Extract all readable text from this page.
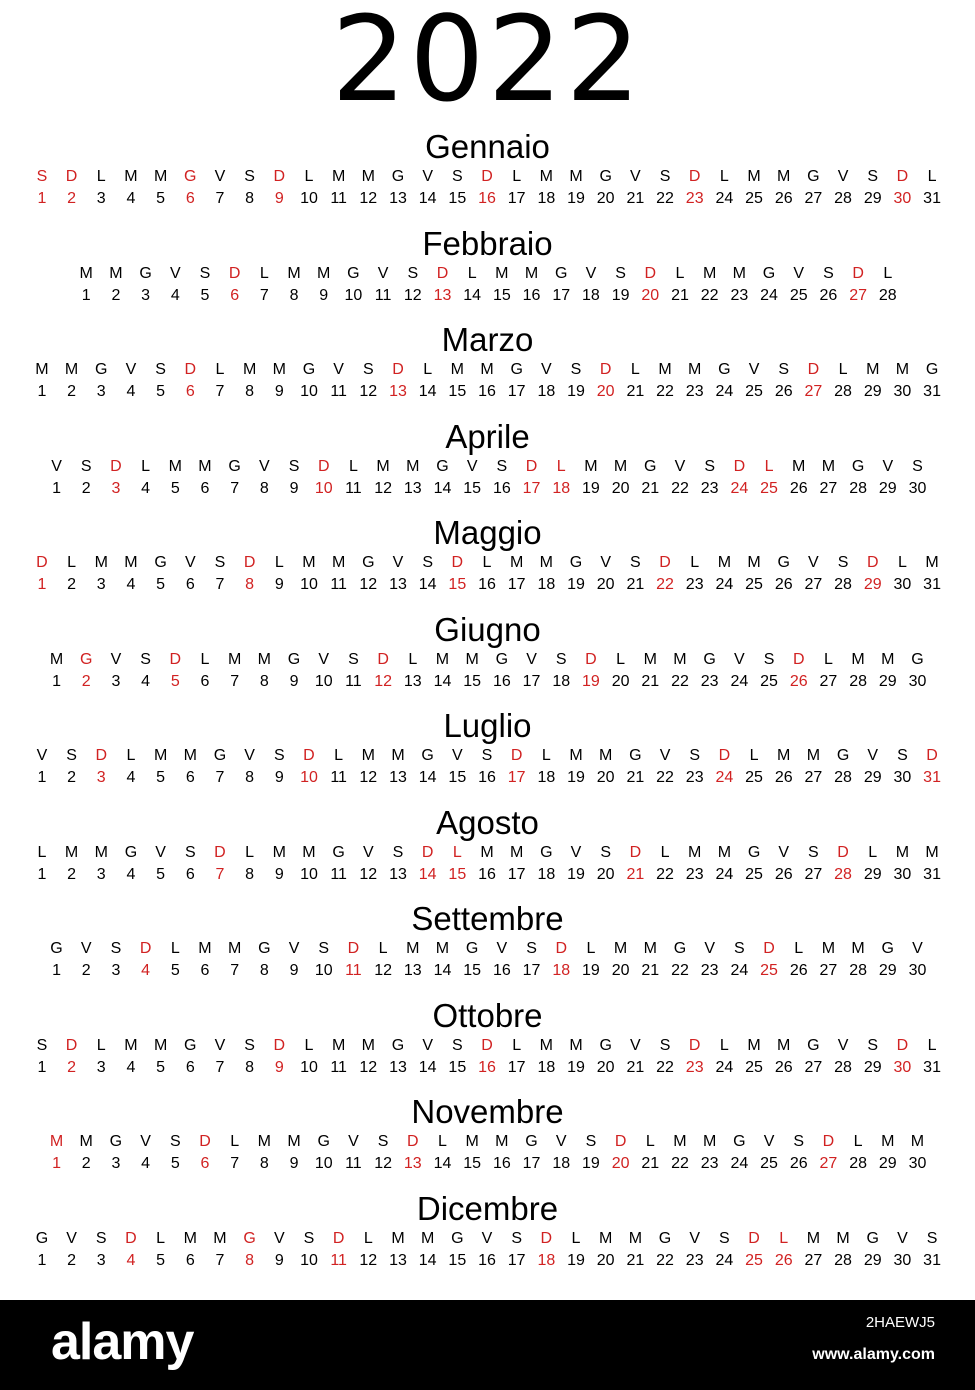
2022
Gennaio
S
1
D
2
L
3
M
4
M
5
G
6
V
7
S
8
D
9
L
10
M
11
M
12
G
13
V
14
S
15
D
16
L
17
M
18
M
19
G
20
V
21
S
22
D
23
L
24
M
25
M
26
G
27
V
28
S
29
D
30
L
31
Febbraio
M
1
M
2
G
3
V
4
S
5
D
6
L
7
M
8
M
9
G
10
V
11
S
12
D
13
L
14
M
15
M
16
G
17
V
18
S
19
D
20
L
21
M
22
M
23
G
24
V
25
S
26
D
27
L
28
Marzo
M
1
M
2
G
3
V
4
S
5
D
6
L
7
M
8
M
9
G
10
V
11
S
12
D
13
L
14
M
15
M
16
G
17
V
18
S
19
D
20
L
21
M
22
M
23
G
24
V
25
S
26
D
27
L
28
M
29
M
30
G
31
Aprile
V
1
S
2
D
3
L
4
M
5
M
6
G
7
V
8
S
9
D
10
L
11
M
12
M
13
G
14
V
15
S
16
D
17
L
18
M
19
M
20
G
21
V
22
S
23
D
24
L
25
M
26
M
27
G
28
V
29
S
30
Maggio
D
1
L
2
M
3
M
4
G
5
V
6
S
7
D
8
L
9
M
10
M
11
G
12
V
13
S
14
D
15
L
16
M
17
M
18
G
19
V
20
S
21
D
22
L
23
M
24
M
25
G
26
V
27
S
28
D
29
L
30
M
31
Giugno
M
1
G
2
V
3
S
4
D
5
L
6
M
7
M
8
G
9
V
10
S
11
D
12
L
13
M
14
M
15
G
16
V
17
S
18
D
19
L
20
M
21
M
22
G
23
V
24
S
25
D
26
L
27
M
28
M
29
G
30
Luglio
V
1
S
2
D
3
L
4
M
5
M
6
G
7
V
8
S
9
D
10
L
11
M
12
M
13
G
14
V
15
S
16
D
17
L
18
M
19
M
20
G
21
V
22
S
23
D
24
L
25
M
26
M
27
G
28
V
29
S
30
D
31
Agosto
L
1
M
2
M
3
G
4
V
5
S
6
D
7
L
8
M
9
M
10
G
11
V
12
S
13
D
14
L
15
M
16
M
17
G
18
V
19
S
20
D
21
L
22
M
23
M
24
G
25
V
26
S
27
D
28
L
29
M
30
M
31
Settembre
G
1
V
2
S
3
D
4
L
5
M
6
M
7
G
8
V
9
S
10
D
11
L
12
M
13
M
14
G
15
V
16
S
17
D
18
L
19
M
20
M
21
G
22
V
23
S
24
D
25
L
26
M
27
M
28
G
29
V
30
Ottobre
S
1
D
2
L
3
M
4
M
5
G
6
V
7
S
8
D
9
L
10
M
11
M
12
G
13
V
14
S
15
D
16
L
17
M
18
M
19
G
20
V
21
S
22
D
23
L
24
M
25
M
26
G
27
V
28
S
29
D
30
L
31
Novembre
M
1
M
2
G
3
V
4
S
5
D
6
L
7
M
8
M
9
G
10
V
11
S
12
D
13
L
14
M
15
M
16
G
17
V
18
S
19
D
20
L
21
M
22
M
23
G
24
V
25
S
26
D
27
L
28
M
29
M
30
Dicembre
G
1
V
2
S
3
D
4
L
5
M
6
M
7
G
8
V
9
S
10
D
11
L
12
M
13
M
14
G
15
V
16
S
17
D
18
L
19
M
20
M
21
G
22
V
23
S
24
D
25
L
26
M
27
M
28
G
29
V
30
S
31
alamy	2HAEWJ5
www.alamy.com
